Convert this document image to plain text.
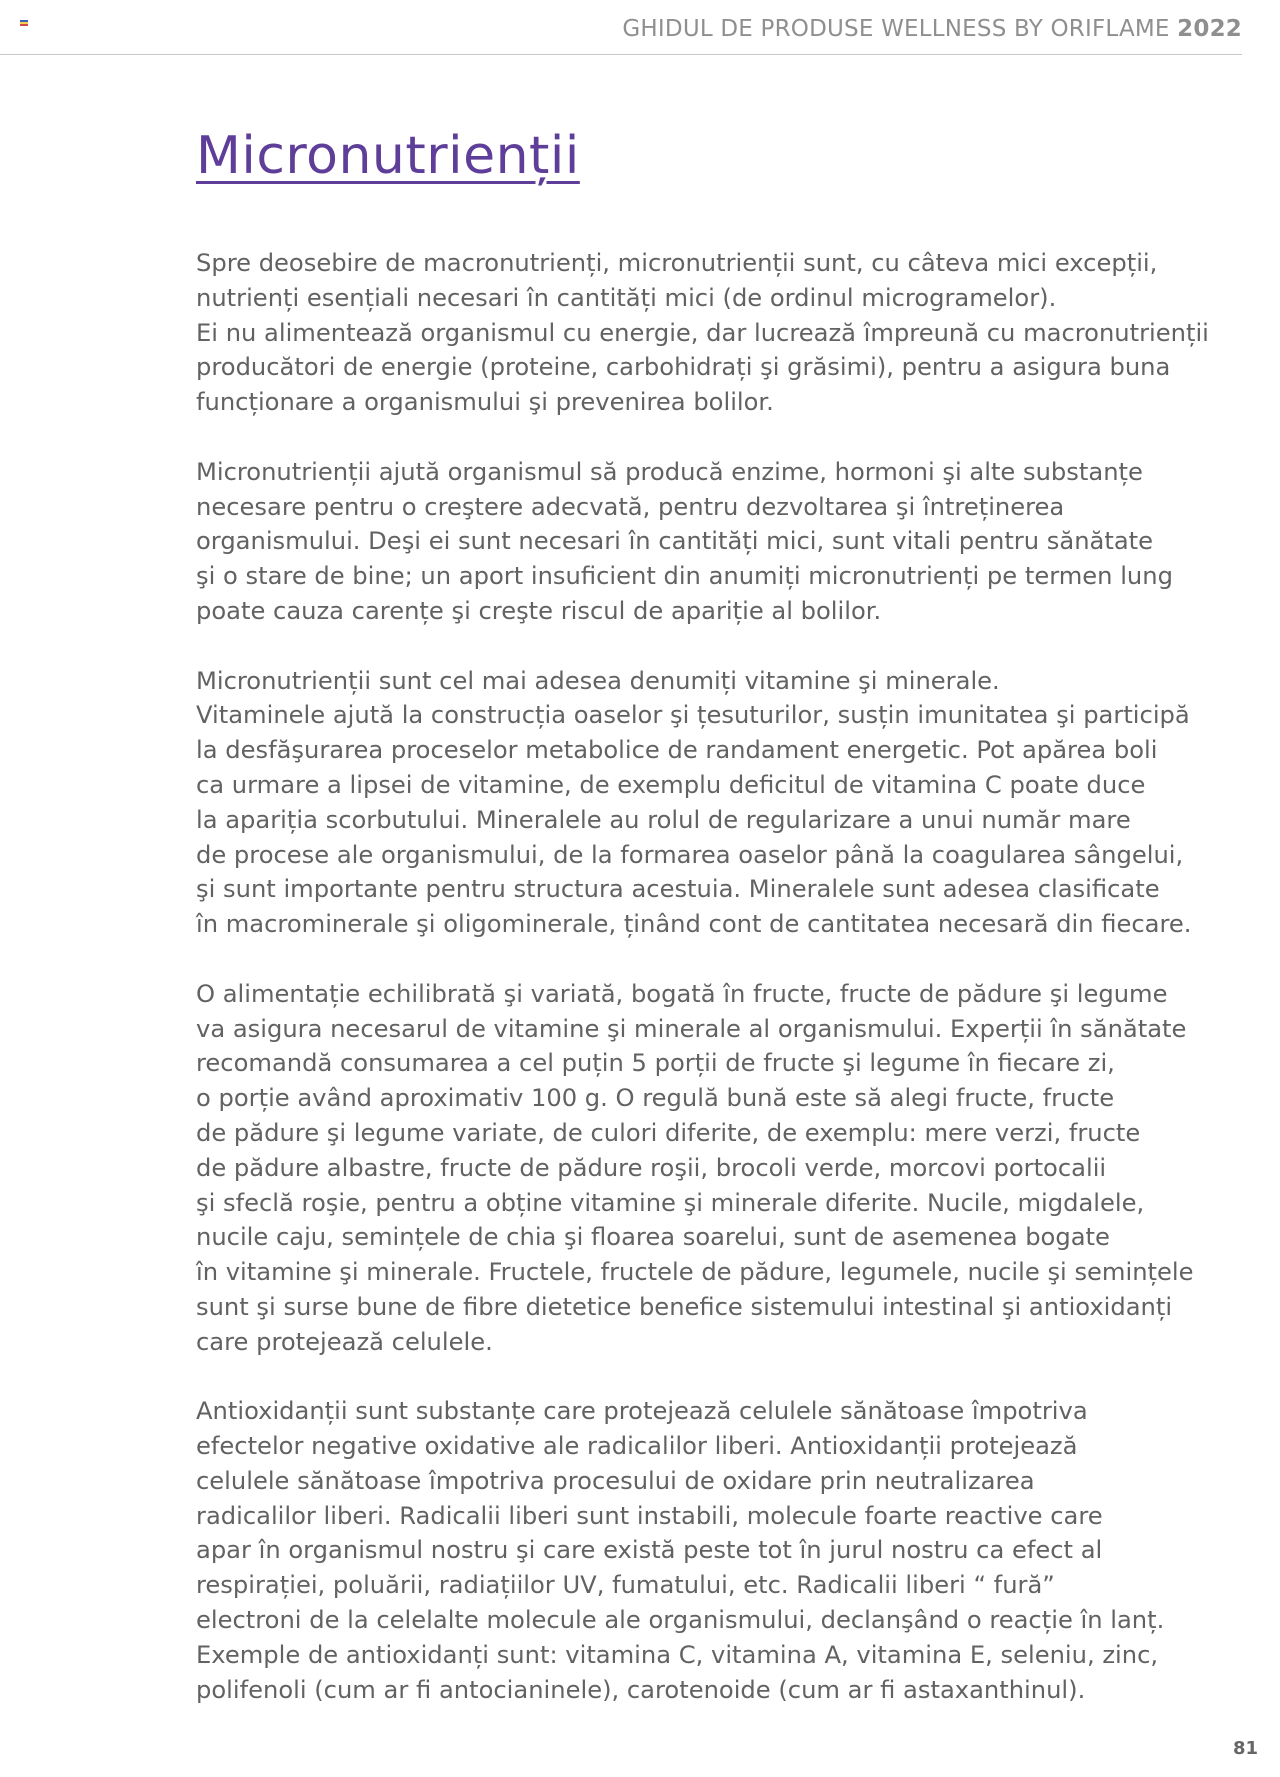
GHIDUL DE PRODUSE WELLNESS BY ORIFLAME 2022
Micronutrienții

Spre deosebire de macronutrienți, micronutrienții sunt, cu câteva mici excepții,
nutrienți esențiali necesari în cantități mici (de ordinul microgramelor).
Ei nu alimentează organismul cu energie, dar lucrează împreună cu macronutrienții
producători de energie (proteine, carbohidrați şi grăsimi), pentru a asigura buna
funcționare a organismului şi prevenirea bolilor.

Micronutrienții ajută organismul să producă enzime, hormoni şi alte substanțe
necesare pentru o creştere adecvată, pentru dezvoltarea şi întreținerea
organismului. Deşi ei sunt necesari în cantități mici, sunt vitali pentru sănătate
şi o stare de bine; un aport insuficient din anumiți micronutrienți pe termen lung
poate cauza carențe şi creşte riscul de apariție al bolilor.

Micronutrienții sunt cel mai adesea denumiți vitamine şi minerale.
Vitaminele ajută la construcția oaselor şi țesuturilor, susțin imunitatea şi participă
la desfăşurarea proceselor metabolice de randament energetic. Pot apărea boli
ca urmare a lipsei de vitamine, de exemplu deficitul de vitamina C poate duce
la apariția scorbutului. Mineralele au rolul de regularizare a unui număr mare
de procese ale organismului, de la formarea oaselor până la coagularea sângelui,
şi sunt importante pentru structura acestuia. Mineralele sunt adesea clasificate
în macrominerale şi oligominerale, ținând cont de cantitatea necesară din fiecare.

O alimentație echilibrată şi variată, bogată în fructe, fructe de pădure şi legume
va asigura necesarul de vitamine şi minerale al organismului. Experții în sănătate
recomandă consumarea a cel puțin 5 porții de fructe şi legume în fiecare zi,
o porție având aproximativ 100 g. O regulă bună este să alegi fructe, fructe
de pădure şi legume variate, de culori diferite, de exemplu: mere verzi, fructe
de pădure albastre, fructe de pădure roşii, brocoli verde, morcovi portocalii
şi sfeclă roşie, pentru a obține vitamine şi minerale diferite. Nucile, migdalele,
nucile caju, semințele de chia şi floarea soarelui, sunt de asemenea bogate
în vitamine şi minerale. Fructele, fructele de pădure, legumele, nucile şi semințele
sunt şi surse bune de fibre dietetice benefice sistemului intestinal şi antioxidanți
care protejează celulele.

Antioxidanții sunt substanțe care protejează celulele sănătoase împotriva
efectelor negative oxidative ale radicalilor liberi. Antioxidanții protejează
celulele sănătoase împotriva procesului de oxidare prin neutralizarea
radicalilor liberi. Radicalii liberi sunt instabili, molecule foarte reactive care
apar în organismul nostru şi care există peste tot în jurul nostru ca efect al
respirației, poluării, radiațiilor UV, fumatului, etc. Radicalii liberi “ fură”
electroni de la celelalte molecule ale organismului, declanşând o reacție în lanț.
Exemple de antioxidanți sunt: vitamina C, vitamina A, vitamina E, seleniu, zinc,
polifenoli (cum ar fi antocianinele), carotenoide (cum ar fi astaxanthinul).

81
